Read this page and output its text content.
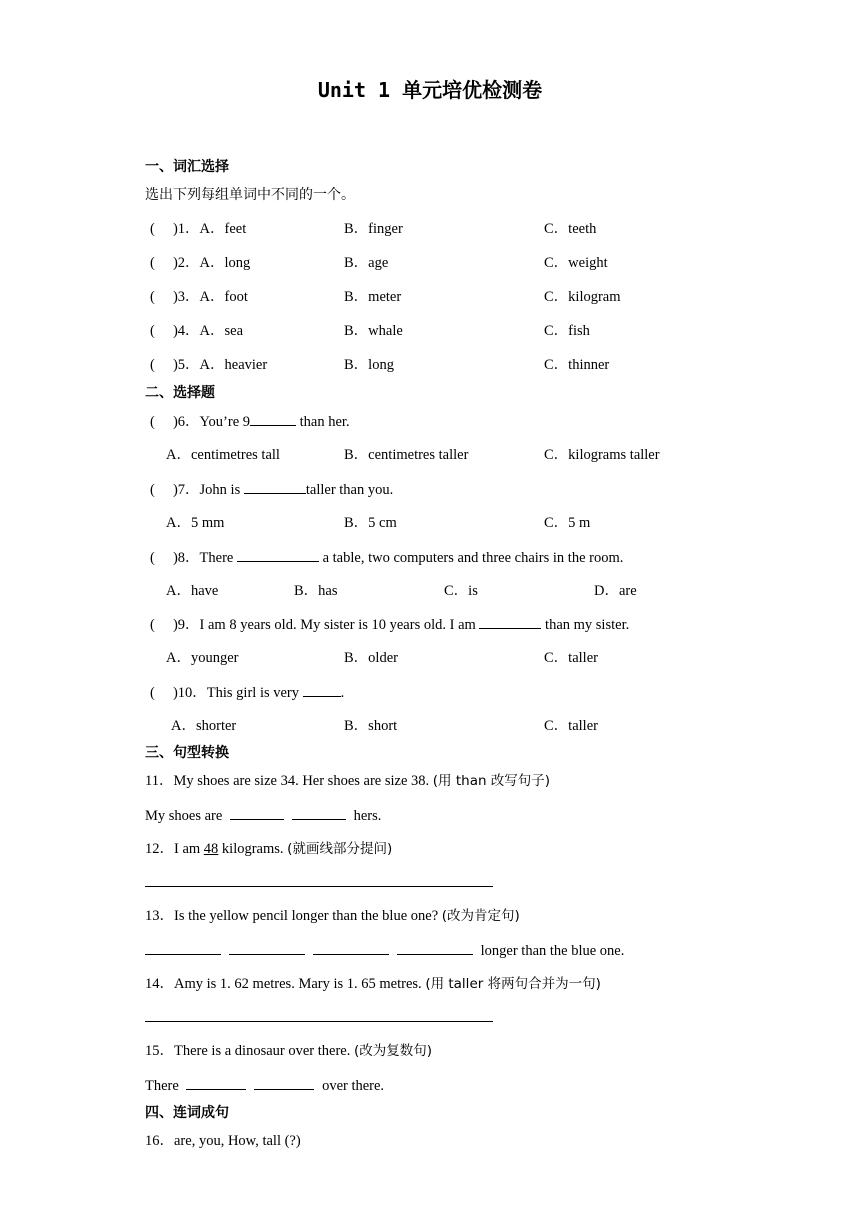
Unit 1 单元培优检测卷
一、词汇选择
选出下列每组单词中不同的一个。
(　 )1．A．feet	B．finger	C．teeth
(　 )2．A．long	B．age	C．weight
(　 )3．A．foot	B．meter	C．kilogram
(　 )4．A．sea	B．whale	C．fish
(　 )5．A．heavier	B．long	C．thinner
二、选择题
(　 )6．You’re 9	than her.
A．centimetres tall	B．centimetres taller	C．kilograms taller
(　 )7．John is	taller than you.
A．5 mm	B．5 cm	C．5 m
(　 )8．There	a table, two computers and three chairs in the room.
A．have	B．has	C．is	D．are
(　 )9．I am 8 years old. My sister is 10 years old. I am	than my sister.
A．younger	B．older	C．taller
(　 )10．This girl is very	.
A．shorter	B．short	C．taller
三、句型转换
11．My shoes are size 34. Her shoes are size 38. (用 than 改写句子)
My shoes are	hers.
12．I am 48 kilograms. (就画线部分提问)
13．Is the yellow pencil longer than the blue one? (改为肯定句)
longer than the blue one.
14．Amy is 1. 62 metres. Mary is 1. 65 metres. (用 taller 将两句合并为一句)
15．There is a dinosaur over there. (改为复数句)
There	over there.
四、连词成句
16．are, you, How, tall (?)
